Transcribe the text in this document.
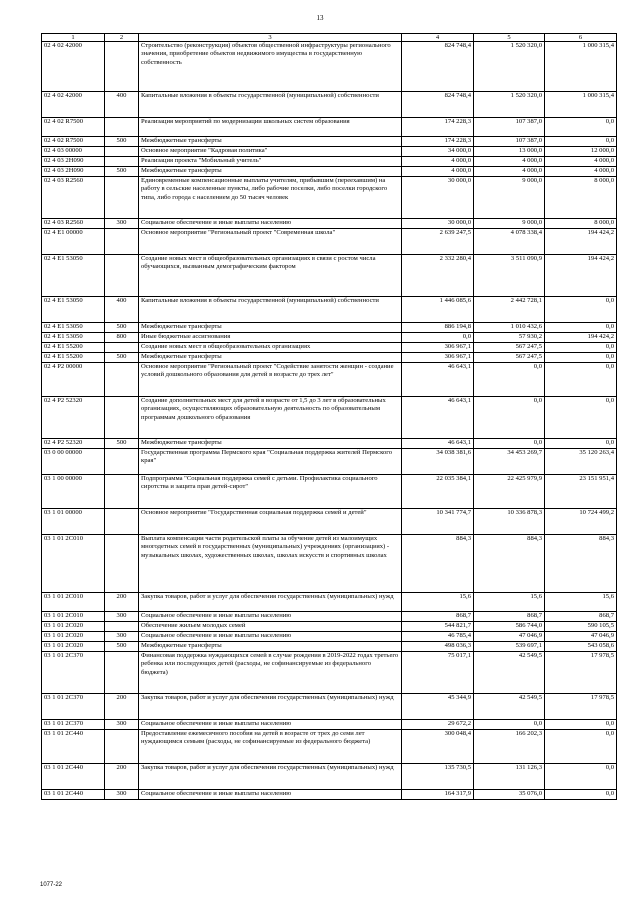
13
1	2	3	4	5	6
02 4 02 42000		Строительство (реконструкция) объектов общественной инфраструктуры регионального значения, приобретение объектов недвижимого имущества в государственную собственность	824 748,4	1 520 320,0	1 000 315,4
02 4 02 42000	400	Капитальные вложения в объекты государственной (муниципальной) собственности	824 748,4	1 520 320,0	1 000 315,4
02 4 02 R7500		Реализация мероприятий по модернизации школьных систем образования	174 228,3	107 387,0	0,0
02 4 02 R7500	500	Межбюджетные трансферты	174 228,3	107 387,0	0,0
02 4 03 00000		Основное мероприятие "Кадровая политика"	34 000,0	13 000,0	12 000,0
02 4 03 2Н090		Реализация проекта "Мобильный учитель"	4 000,0	4 000,0	4 000,0
02 4 03 2Н090	500	Межбюджетные трансферты	4 000,0	4 000,0	4 000,0
02 4 03 R2560		Единовременные компенсационные выплаты учителям, прибывшим (переехавшим) на работу в сельские населенные пункты, либо рабочие поселки, либо поселки городского типа, либо города с населением до 50 тысяч человек	30 000,0	9 000,0	8 000,0
02 4 03 R2560	300	Социальное обеспечение и иные выплаты населению	30 000,0	9 000,0	8 000,0
02 4 E1 00000		Основное мероприятие "Региональный проект "Современная школа"	2 639 247,5	4 078 338,4	194 424,2
02 4 E1 53050		Создание новых мест в общеобразовательных организациях в связи с ростом числа обучающихся, вызванным демографическим фактором	2 332 280,4	3 511 090,9	194 424,2
02 4 E1 53050	400	Капитальные вложения в объекты государственной (муниципальной) собственности	1 446 085,6	2 442 728,1	0,0
02 4 E1 53050	500	Межбюджетные трансферты	886 194,8	1 010 432,6	0,0
02 4 E1 53050	800	Иные бюджетные ассигнования	0,0	57 930,2	194 424,2
02 4 E1 55200		Создание новых мест в общеобразовательных организациях	306 967,1	567 247,5	0,0
02 4 E1 55200	500	Межбюджетные трансферты	306 967,1	567 247,5	0,0
02 4 P2 00000		Основное мероприятие "Региональный проект "Содействие занятости женщин - создание условий дошкольного образования для детей в возрасте до трех лет"	46 643,1	0,0	0,0
02 4 P2 52320		Создание дополнительных мест для детей в возрасте от 1,5 до 3 лет в образовательных организациях, осуществляющих образовательную деятельность по образовательным программам дошкольного образования	46 643,1	0,0	0,0
02 4 P2 52320	500	Межбюджетные трансферты	46 643,1	0,0	0,0
03 0 00 00000		Государственная программа Пермского края "Социальная поддержка жителей Пермского края"	34 038 381,6	34 453 269,7	35 120 263,4
03 1 00 00000		Подпрограмма "Социальная поддержка семей с детьми. Профилактика социального сиротства и защита прав детей-сирот"	22 035 384,1	22 425 979,9	23 151 951,4
03 1 01 00000		Основное мероприятие "Государственная социальная поддержка семей и детей"	10 341 774,7	10 336 878,3	10 724 499,2
03 1 01 2С010		Выплата компенсации части родительской платы за обучение детей из малоимущих многодетных семей в государственных (муниципальных) учреждениях (организациях) - музыкальных школах, художественных школах, школах искусств и спортивных школах	884,3	884,3	884,3
03 1 01 2С010	200	Закупка товаров, работ и услуг для обеспечения государственных (муниципальных) нужд	15,6	15,6	15,6
03 1 01 2С010	300	Социальное обеспечение и иные выплаты населению	868,7	868,7	868,7
03 1 01 2С020		Обеспечение жильем молодых семей	544 821,7	586 744,0	590 105,5
03 1 01 2С020	300	Социальное обеспечение и иные выплаты населению	46 785,4	47 046,9	47 046,9
03 1 01 2С020	500	Межбюджетные трансферты	498 036,3	539 697,1	543 058,6
03 1 01 2С370		Финансовая поддержка нуждающихся семей в случае рождения в 2019-2022 годах третьего ребенка или последующих детей (расходы, не софинансируемые из федерального бюджета)	75 017,1	42 549,5	17 978,5
03 1 01 2С370	200	Закупка товаров, работ и услуг для обеспечения государственных (муниципальных) нужд	45 344,9	42 549,5	17 978,5
03 1 01 2С370	300	Социальное обеспечение и иные выплаты населению	29 672,2	0,0	0,0
03 1 01 2С440		Предоставление ежемесячного пособия на детей в возрасте от трех до семи лет нуждающимся семьям (расходы, не софинансируемые из федерального бюджета)	300 048,4	166 202,3	0,0
03 1 01 2С440	200	Закупка товаров, работ и услуг для обеспечения государственных (муниципальных) нужд	135 730,5	131 126,3	0,0
03 1 01 2С440	300	Социальное обеспечение и иные выплаты населению	164 317,9	35 076,0	0,0
1077-22
